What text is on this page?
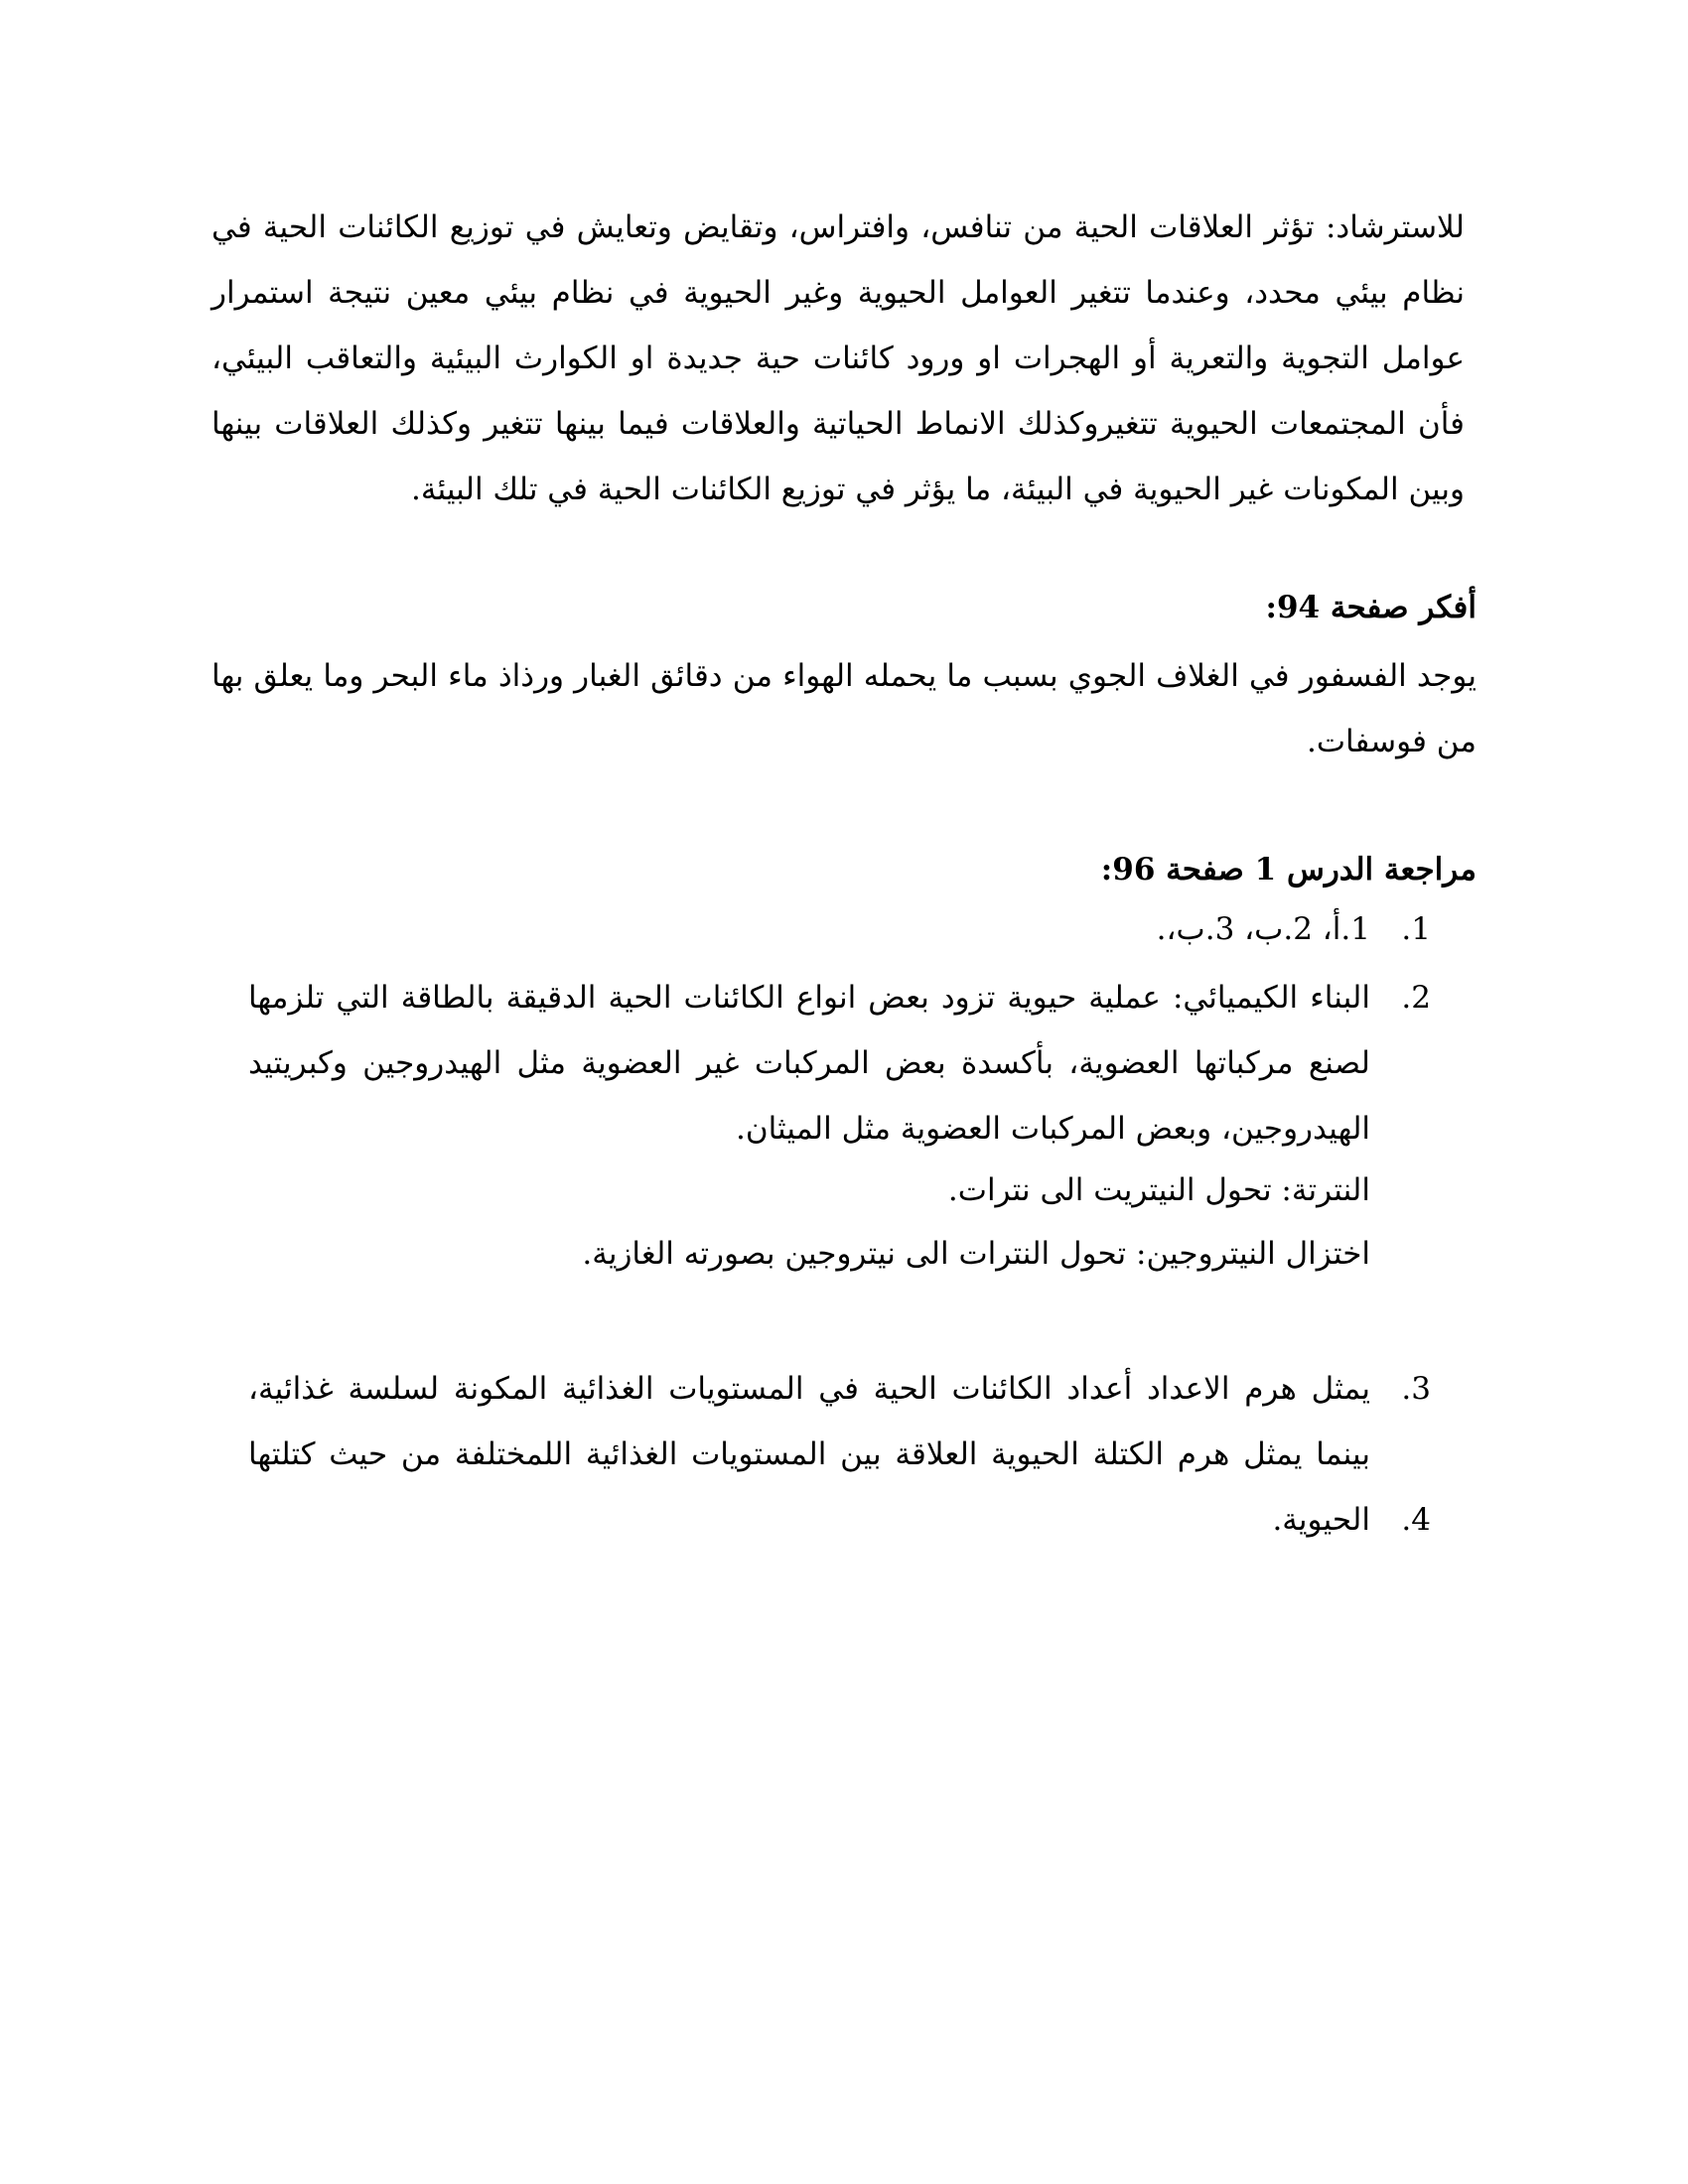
للاسترشاد: تؤثر العلاقات الحية من تنافس، وافتراس، وتقايض وتعايش في توزيع الكائنات الحية في نظام بيئي محدد، وعندما تتغير العوامل الحيوية وغير الحيوية في نظام بيئي معين نتيجة استمرار عوامل التجوية والتعرية أو الهجرات او ورود كائنات حية جديدة او الكوارث البيئية والتعاقب البيئي، فأن المجتمعات الحيوية تتغيروكذلك الانماط الحياتية والعلاقات فيما بينها تتغير وكذلك العلاقات بينها وبين المكونات غير الحيوية في البيئة، ما يؤثر في توزيع الكائنات الحية في تلك البيئة.

أفكر صفحة 94:

يوجد الفسفور في الغلاف الجوي بسبب ما يحمله الهواء من دقائق الغبار ورذاذ ماء البحر وما يعلق بها من فوسفات.

مراجعة الدرس 1 صفحة 96:

1.

1.أ، 2.ب، 3.ب،.

2.

البناء الكيميائي: عملية حيوية تزود بعض انواع الكائنات الحية الدقيقة بالطاقة التي تلزمها لصنع مركباتها العضوية، بأكسدة بعض المركبات غير العضوية مثل الهيدروجين وكبريتيد الهيدروجين، وبعض المركبات العضوية مثل الميثان.

النترتة: تحول النيتريت الى نترات.

اختزال النيتروجين: تحول النترات الى نيتروجين بصورته الغازية.

3.

يمثل هرم الاعداد أعداد الكائنات الحية في المستويات الغذائية المكونة لسلسة غذائية، بينما يمثل هرم الكتلة الحيوية العلاقة بين المستويات الغذائية اللمختلفة من حيث كتلتها الحيوية.	4.
